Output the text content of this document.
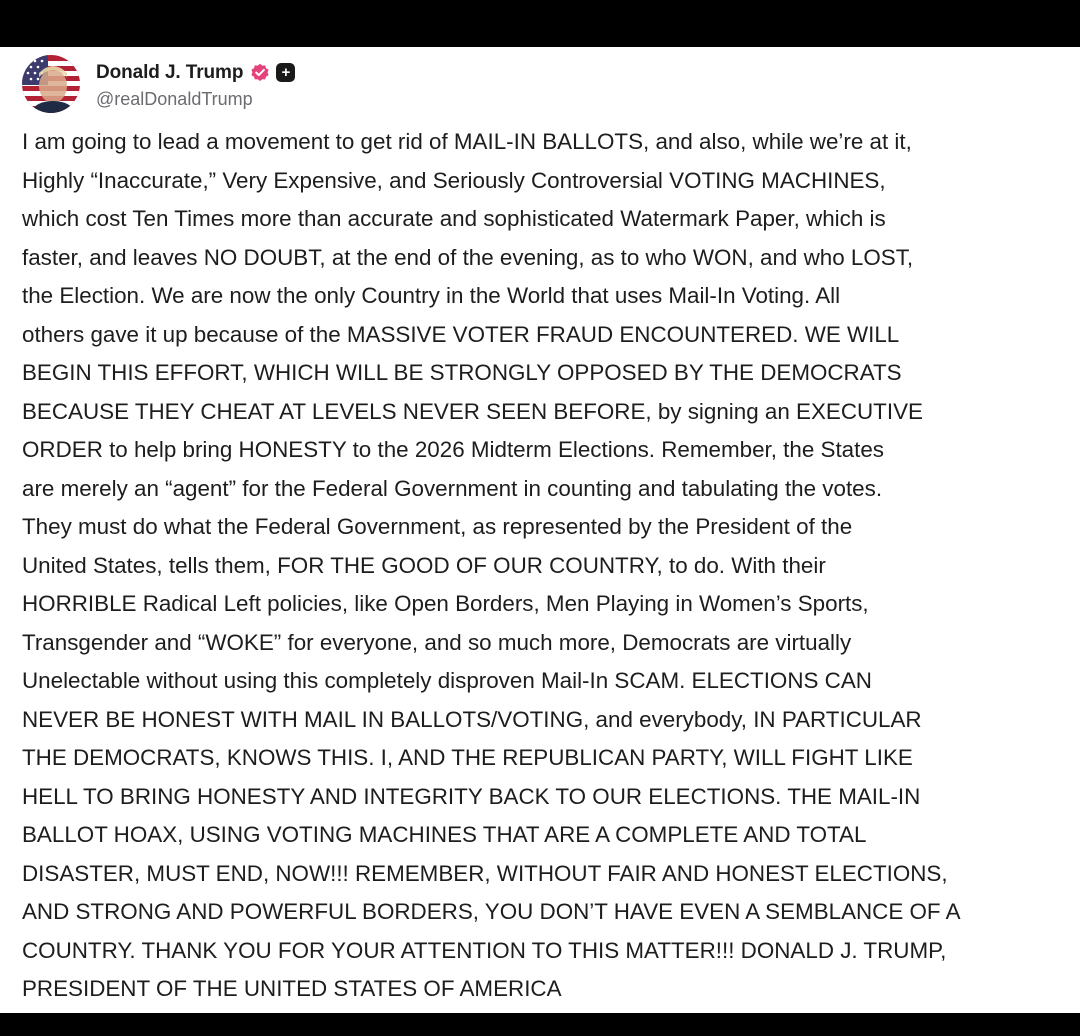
Donald J. Trump	+
@realDonaldTrump

I am going to lead a movement to get rid of MAIL-IN BALLOTS, and also, while we’re at it,
Highly “Inaccurate,” Very Expensive, and Seriously Controversial VOTING MACHINES,
which cost Ten Times more than accurate and sophisticated Watermark Paper, which is
faster, and leaves NO DOUBT, at the end of the evening, as to who WON, and who LOST,
the Election. We are now the only Country in the World that uses Mail-In Voting. All
others gave it up because of the MASSIVE VOTER FRAUD ENCOUNTERED. WE WILL
BEGIN THIS EFFORT, WHICH WILL BE STRONGLY OPPOSED BY THE DEMOCRATS
BECAUSE THEY CHEAT AT LEVELS NEVER SEEN BEFORE, by signing an EXECUTIVE
ORDER to help bring HONESTY to the 2026 Midterm Elections. Remember, the States
are merely an “agent” for the Federal Government in counting and tabulating the votes.
They must do what the Federal Government, as represented by the President of the
United States, tells them, FOR THE GOOD OF OUR COUNTRY, to do. With their
HORRIBLE Radical Left policies, like Open Borders, Men Playing in Women’s Sports,
Transgender and “WOKE” for everyone, and so much more, Democrats are virtually
Unelectable without using this completely disproven Mail-In SCAM. ELECTIONS CAN
NEVER BE HONEST WITH MAIL IN BALLOTS/VOTING, and everybody, IN PARTICULAR
THE DEMOCRATS, KNOWS THIS. I, AND THE REPUBLICAN PARTY, WILL FIGHT LIKE
HELL TO BRING HONESTY AND INTEGRITY BACK TO OUR ELECTIONS. THE MAIL-IN
BALLOT HOAX, USING VOTING MACHINES THAT ARE A COMPLETE AND TOTAL
DISASTER, MUST END, NOW!!! REMEMBER, WITHOUT FAIR AND HONEST ELECTIONS,
AND STRONG AND POWERFUL BORDERS, YOU DON’T HAVE EVEN A SEMBLANCE OF A
COUNTRY. THANK YOU FOR YOUR ATTENTION TO THIS MATTER!!! DONALD J. TRUMP,
PRESIDENT OF THE UNITED STATES OF AMERICA
